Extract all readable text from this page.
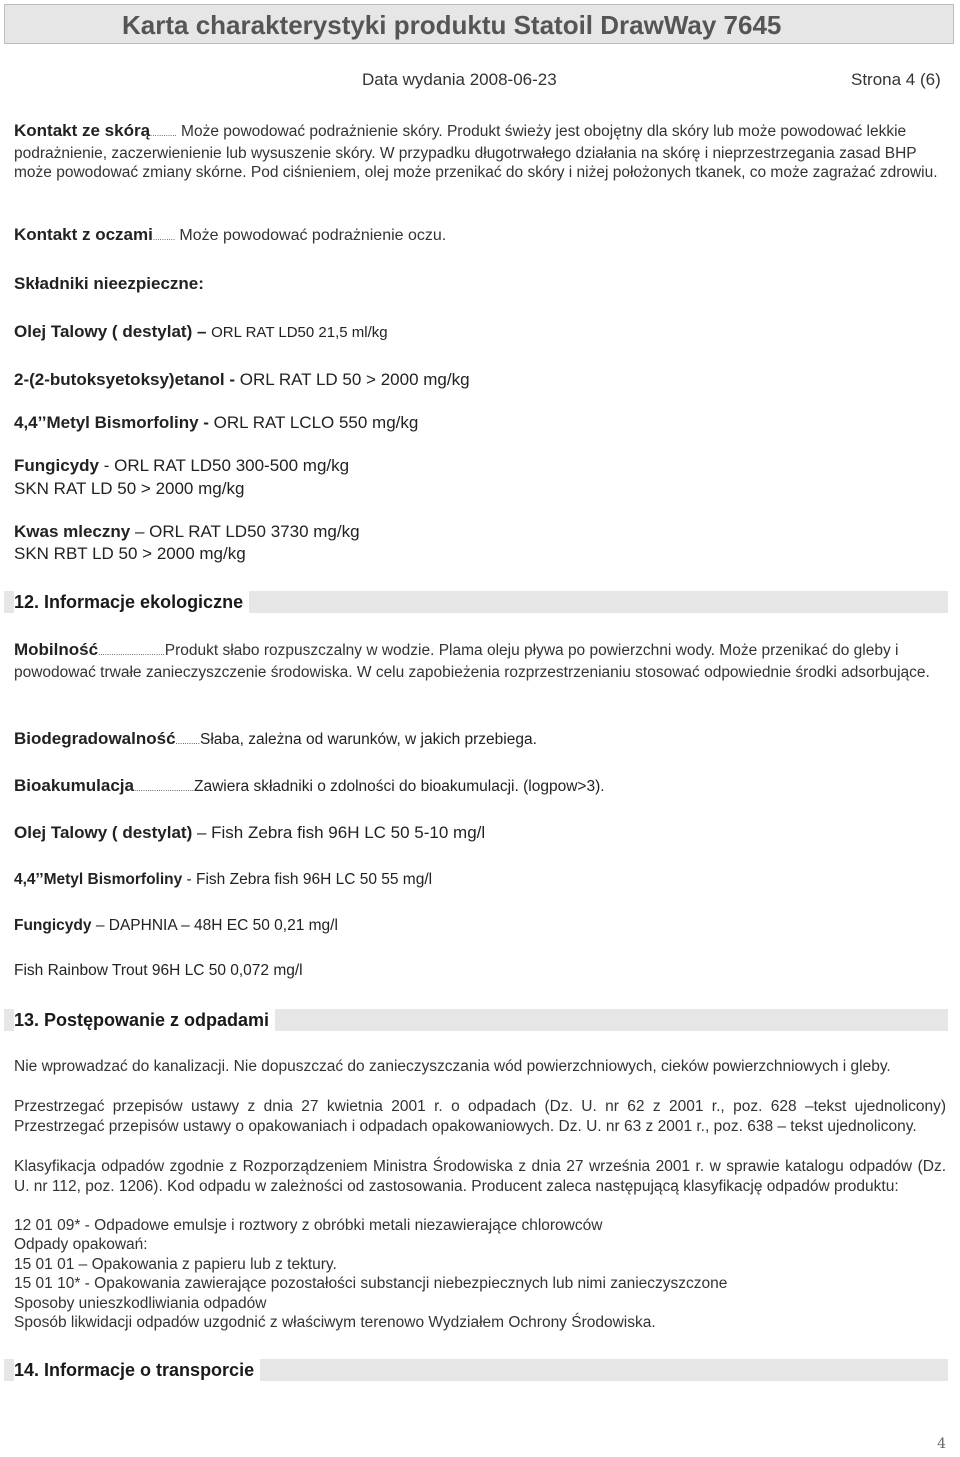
Karta charakterystyki produktu Statoil DrawWay 7645
Data wydania 2008-06-23	Strona 4 (6)
Kontakt ze skórą............ Może powodować podrażnienie skóry. Produkt świeży jest obojętny dla skóry lub może powodować lekkie podrażnienie, zaczerwienienie lub wysuszenie skóry. W przypadku długotrwałego działania na skórę i nieprzestrzegania zasad BHP może powodować zmiany skórne. Pod ciśnieniem, olej może przenikać do skóry i niżej położonych tkanek, co może zagrażać zdrowiu.
Kontakt z oczami.......... Może powodować podrażnienie oczu.
Składniki nieezpieczne:
Olej Talowy ( destylat) – ORL RAT LD50 21,5 ml/kg
2-(2-butoksyetoksy)etanol - ORL RAT LD 50 > 2000 mg/kg
4,4’’Metyl Bismorfoliny - ORL RAT LCLO 550 mg/kg
Fungicydy - ORL RAT LD50 300-500 mg/kg
SKN RAT LD 50 > 2000 mg/kg
Kwas mleczny – ORL RAT LD50 3730 mg/kg
SKN RBT LD 50 > 2000 mg/kg
12. Informacje ekologiczne
Mobilność..............................Produkt słabo rozpuszczalny w wodzie. Plama oleju pływa po powierzchni wody. Może przenikać do gleby i powodować trwałe zanieczyszczenie środowiska. W celu zapobieżenia rozprzestrzenianiu stosować odpowiednie środki adsorbujące.
Biodegradowalność...........Słaba, zależna od warunków, w jakich przebiega.
Bioakumulacja...........................Zawiera składniki o zdolności do bioakumulacji. (logpow>3).
Olej Talowy ( destylat) – Fish Zebra fish 96H LC 50 5-10 mg/l
4,4’’Metyl Bismorfoliny - Fish Zebra fish 96H LC 50 55 mg/l
Fungicydy – DAPHNIA – 48H EC 50 0,21 mg/l
Fish Rainbow Trout 96H LC 50 0,072 mg/l
13. Postępowanie z odpadami
Nie wprowadzać do kanalizacji. Nie dopuszczać do zanieczyszczania wód powierzchniowych, cieków powierzchniowych i gleby.
Przestrzegać przepisów ustawy z dnia 27 kwietnia 2001 r. o odpadach (Dz. U. nr 62 z 2001 r., poz. 628 –tekst ujednolicony) Przestrzegać przepisów ustawy o opakowaniach i odpadach opakowaniowych. Dz. U. nr 63 z 2001 r., poz. 638 – tekst ujednolicony.
Klasyfikacja odpadów zgodnie z Rozporządzeniem Ministra Środowiska z dnia 27 września 2001 r. w sprawie katalogu odpadów (Dz. U. nr 112, poz. 1206). Kod odpadu w zależności od zastosowania. Producent zaleca następującą klasyfikację odpadów produktu:
12 01 09* - Odpadowe emulsje i roztwory z obróbki metali niezawierające chlorowców
Odpady opakowań:
15 01 01 – Opakowania z papieru lub z tektury.
15 01 10* - Opakowania zawierające pozostałości substancji niebezpiecznych lub nimi zanieczyszczone
Sposoby unieszkodliwiania odpadów
Sposób likwidacji odpadów uzgodnić z właściwym terenowo Wydziałem Ochrony Środowiska.
14. Informacje o transporcie
4
